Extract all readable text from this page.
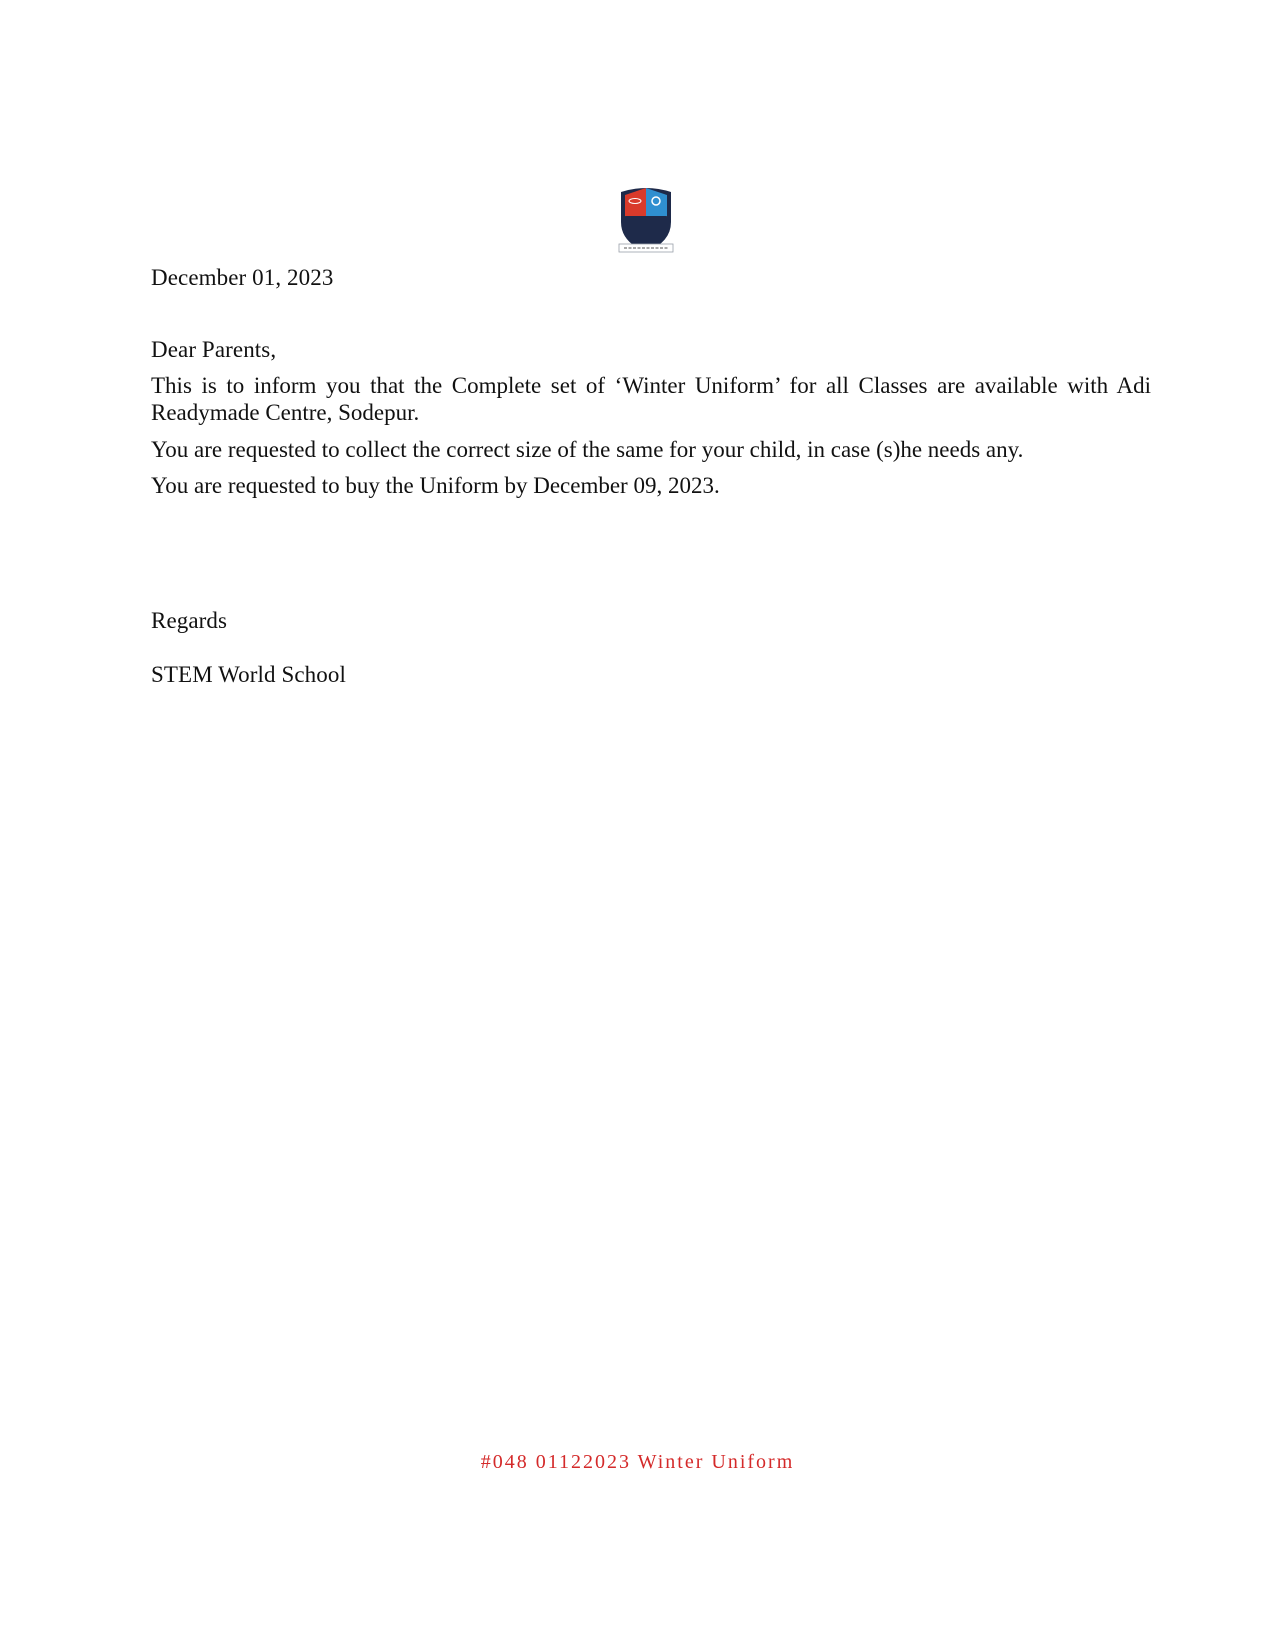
December 01, 2023
Dear Parents,
This is to inform you that the Complete set of ‘Winter Uniform’ for all Classes are available with Adi Readymade Centre, Sodepur.
You are requested to collect the correct size of the same for your child, in case (s)he needs any.
You are requested to buy the Uniform by December 09, 2023.
Regards
STEM World School
#048 01122023 Winter Uniform
